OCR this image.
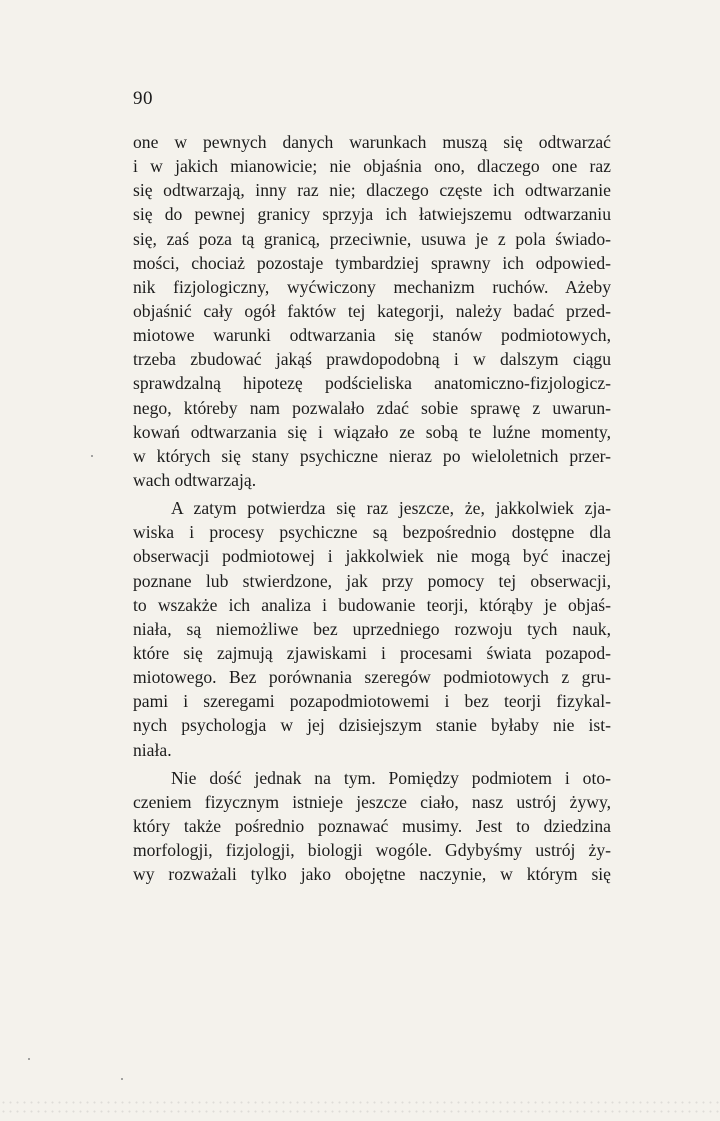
90
one w pewnych danych warunkach muszą się odtwarzać
i w jakich mianowicie; nie objaśnia ono, dlaczego one raz
się odtwarzają, inny raz nie; dlaczego częste ich odtwarzanie
się do pewnej granicy sprzyja ich łatwiejszemu odtwarzaniu
się, zaś poza tą granicą, przeciwnie, usuwa je z pola świado-
mości, chociaż pozostaje tymbardziej sprawny ich odpowied-
nik fizjologiczny, wyćwiczony mechanizm ruchów. Ażeby
objaśnić cały ogół faktów tej kategorji, należy badać przed-
miotowe warunki odtwarzania się stanów podmiotowych,
trzeba zbudować jakąś prawdopodobną i w dalszym ciągu
sprawdzalną hipotezę podścieliska anatomiczno-fizjologicz-
nego, któreby nam pozwalało zdać sobie sprawę z uwarun-
kowań odtwarzania się i wiązało ze sobą te luźne momenty,
w których się stany psychiczne nieraz po wieloletnich przer-
wach odtwarzają.
A zatym potwierdza się raz jeszcze, że, jakkolwiek zja-
wiska i procesy psychiczne są bezpośrednio dostępne dla
obserwacji podmiotowej i jakkolwiek nie mogą być inaczej
poznane lub stwierdzone, jak przy pomocy tej obserwacji,
to wszakże ich analiza i budowanie teorji, którąby je objaś-
niała, są niemożliwe bez uprzedniego rozwoju tych nauk,
które się zajmują zjawiskami i procesami świata pozapod-
miotowego. Bez porównania szeregów podmiotowych z gru-
pami i szeregami pozapodmiotowemi i bez teorji fizykal-
nych psychologja w jej dzisiejszym stanie byłaby nie ist-
niała.
Nie dość jednak na tym. Pomiędzy podmiotem i oto-
czeniem fizycznym istnieje jeszcze ciało, nasz ustrój żywy,
który także pośrednio poznawać musimy. Jest to dziedzina
morfologji, fizjologji, biologji wogóle. Gdybyśmy ustrój ży-
wy rozważali tylko jako obojętne naczynie, w którym się
